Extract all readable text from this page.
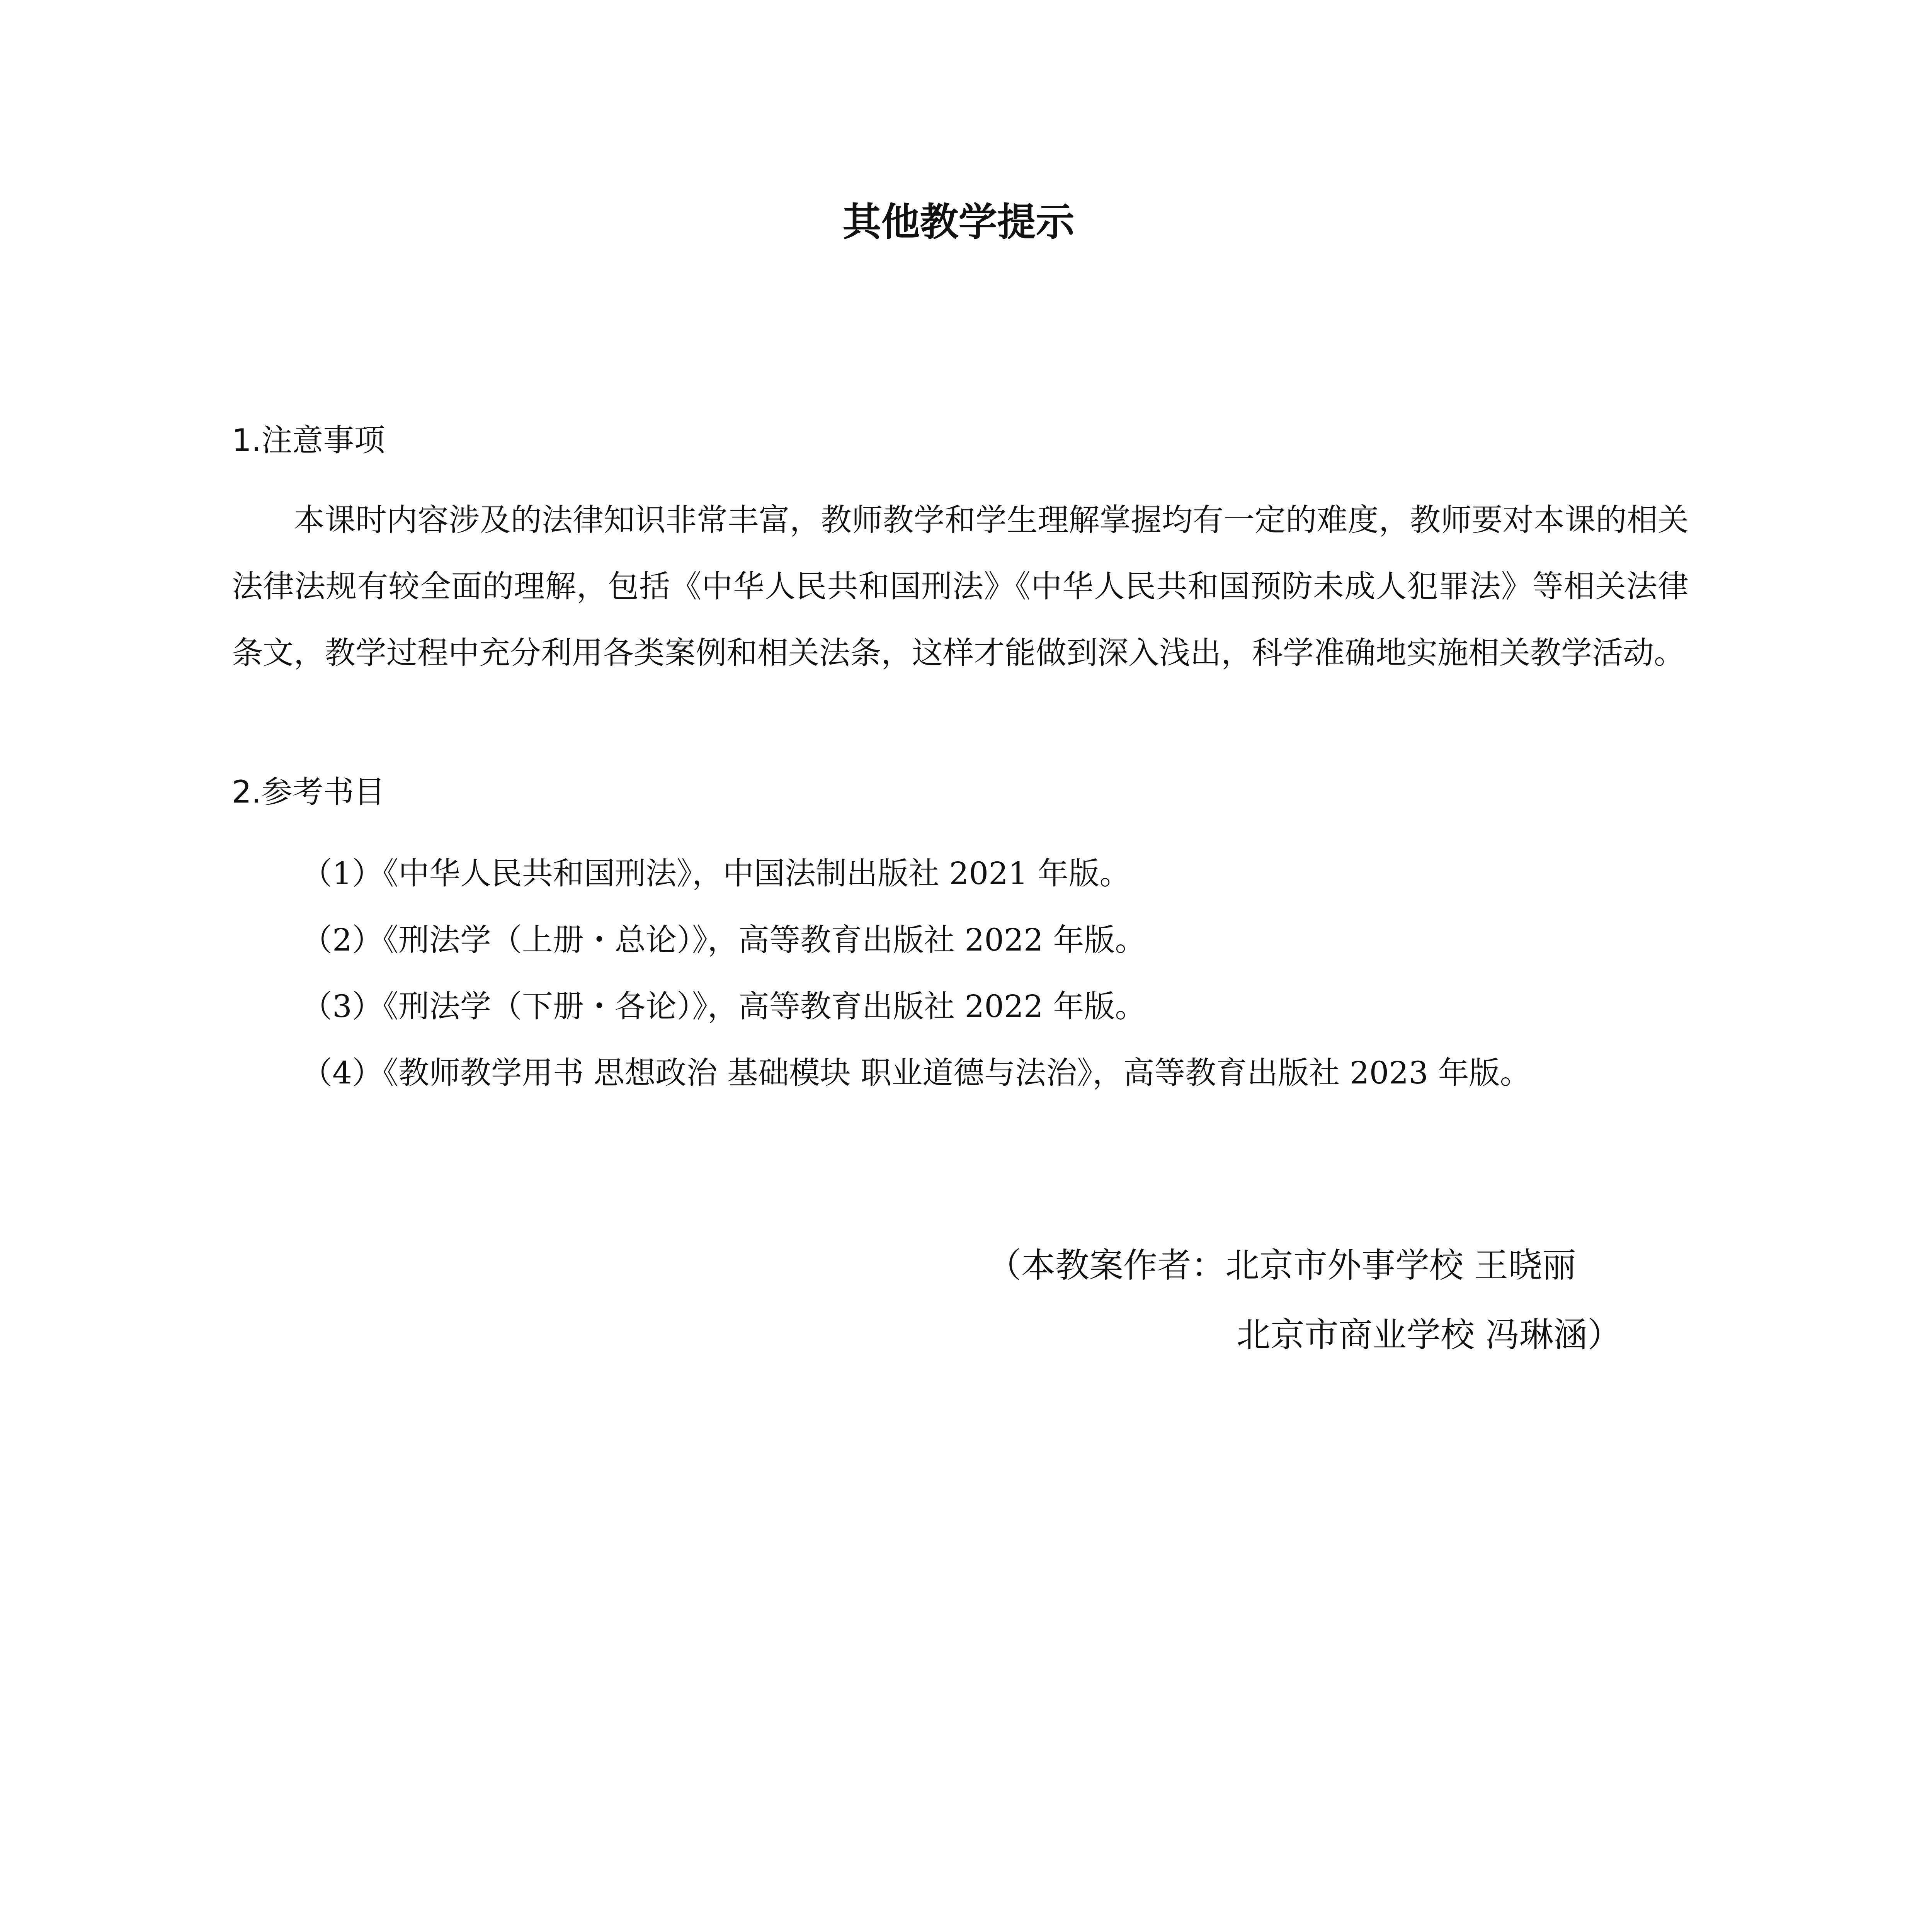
其他教学提示
1.注意事项

本课时内容涉及的法律知识非常丰富，教师教学和学生理解掌握均有一定的难度，教师要对本课的相关法律法规有较全面的理解，包括《中华人民共和国刑法》《中华人民共和国预防未成人犯罪法》等相关法律条文，教学过程中充分利用各类案例和相关法条，这样才能做到深入浅出，科学准确地实施相关教学活动。

2.参考书目
（1）《中华人民共和国刑法》，中国法制出版社 2021 年版。
（2）《刑法学（上册・总论）》，高等教育出版社 2022 年版。
（3）《刑法学（下册・各论）》，高等教育出版社 2022 年版。
（4）《教师教学用书 思想政治 基础模块 职业道德与法治》，高等教育出版社 2023 年版。

（本教案作者：北京市外事学校 王晓丽

北京市商业学校 冯琳涵）
